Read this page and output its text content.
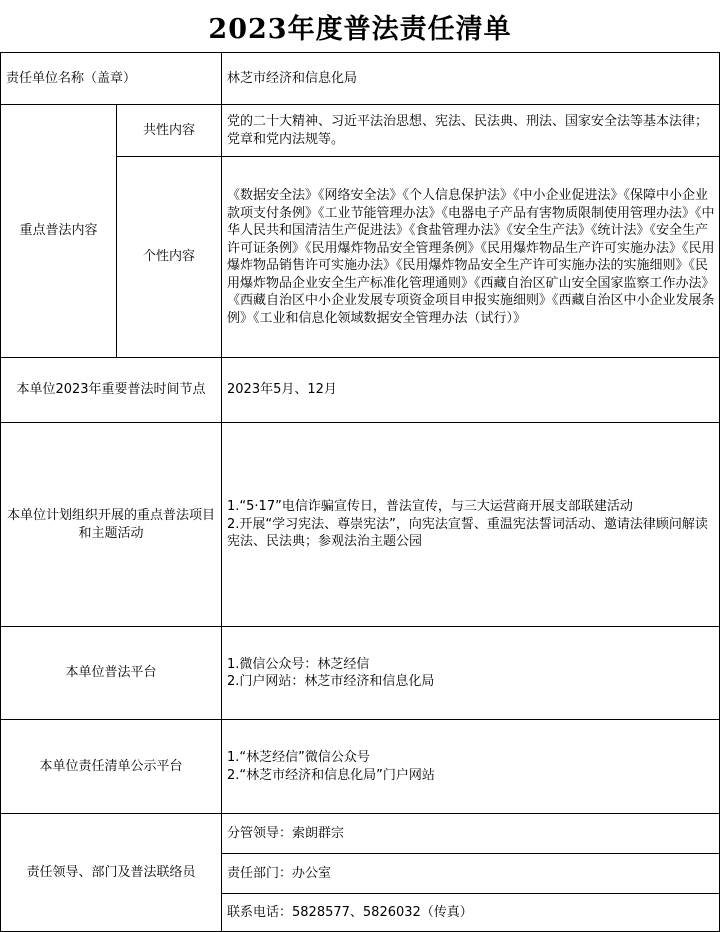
2023年度普法责任清单
责任单位名称（盖章）		林芝市经济和信息化局
重点普法内容	共性内容	党的二十大精神、习近平法治思想、宪法、民法典、刑法、国家安全法等基本法律；党章和党内法规等。
	个性内容	《数据安全法》《网络安全法》《个人信息保护法》《中小企业促进法》《保障中小企业款项支付条例》《工业节能管理办法》《电器电子产品有害物质限制使用管理办法》《中华人民共和国清洁生产促进法》《食盐管理办法》《安全生产法》《统计法》《安全生产许可证条例》《民用爆炸物品安全管理条例》《民用爆炸物品生产许可实施办法》《民用爆炸物品销售许可实施办法》《民用爆炸物品安全生产许可实施办法的实施细则》《民用爆炸物品企业安全生产标准化管理通则》《西藏自治区矿山安全国家监察工作办法》《西藏自治区中小企业发展专项资金项目申报实施细则》《西藏自治区中小企业发展条例》《工业和信息化领域数据安全管理办法（试行）》
本单位2023年重要普法时间节点		2023年5月、12月
本单位计划组织开展的重点普法项目和主题活动		1.“5·17”电信诈骗宣传日，普法宣传，与三大运营商开展支部联建活动
2.开展“学习宪法、尊崇宪法”，向宪法宣誓、重温宪法誓词活动、邀请法律顾问解读宪法、民法典；参观法治主题公园

本单位普法平台		1.微信公众号：林芝经信
2.门户网站：林芝市经济和信息化局

本单位责任清单公示平台		1.“林芝经信”微信公众号
2.“林芝市经济和信息化局”门户网站

责任领导、部门及普法联络员		分管领导：索朗群宗
		责任部门：办公室
		联系电话：5828577、5826032（传真）
